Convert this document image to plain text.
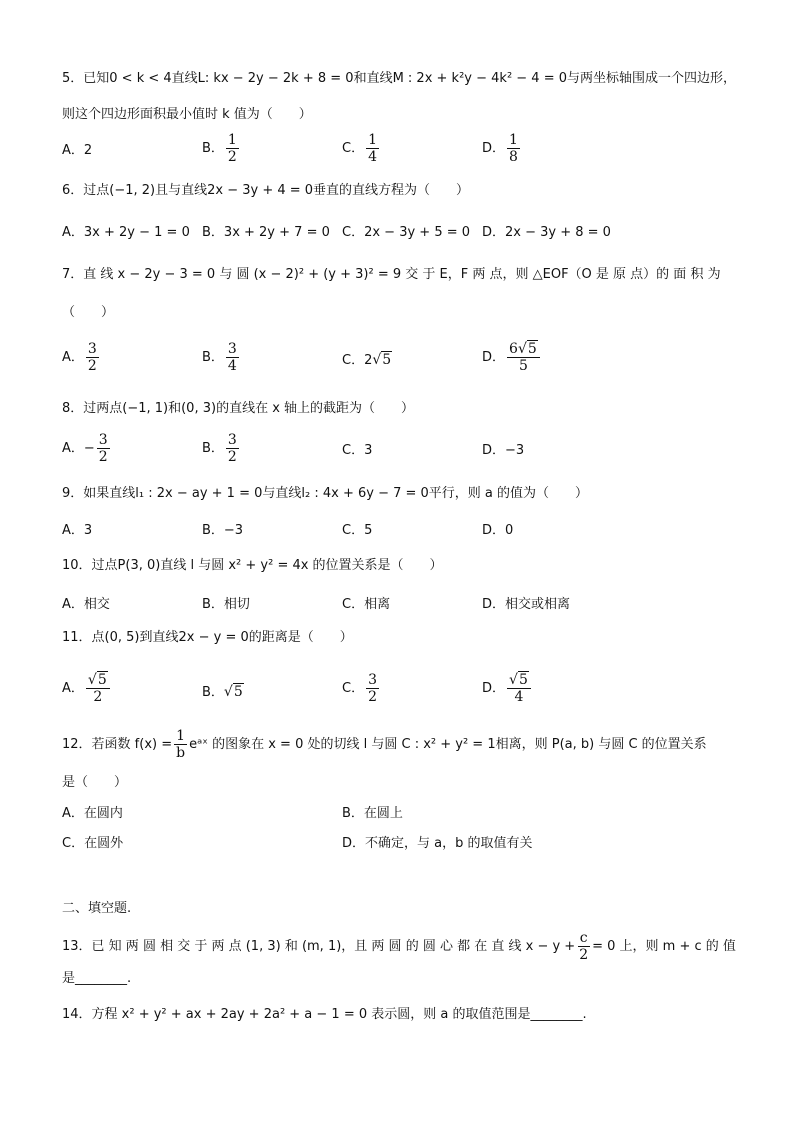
5．已知0 < k < 4直线L: kx − 2y − 2k + 8 = 0和直线M : 2x + k²y − 4k² − 4 = 0与两坐标轴围成一个四边形，
则这个四边形面积最小值时 k 值为（　　）
A．2	B． $\frac{1}{2}$	C． $\frac{1}{4}$	D． $\frac{1}{8}$
6．过点(−1, 2)且与直线2x − 3y + 4 = 0垂直的直线方程为（　　）
A．3x + 2y − 1 = 0 B．3x + 2y + 7 = 0 C．2x − 3y + 5 = 0 D．2x − 3y + 8 = 0
7．直 线 x − 2y − 3 = 0 与 圆 (x − 2)² + (y + 3)² = 9 交 于 E，F 两 点，则 △EOF（O 是 原 点）的 面 积 为
（　　）
A． $\frac{3}{2}$	B． $\frac{3}{4}$	C．2√5	D． $\frac{6√5}{5}$
8．过两点(−1, 1)和(0, 3)的直线在 x 轴上的截距为（　　）
A．− $\frac{3}{2}$	B． $\frac{3}{2}$	C．3	D．−3
9．如果直线l₁ : 2x − ay + 1 = 0与直线l₂ : 4x + 6y − 7 = 0平行，则 a 的值为（　　）
A．3	B．−3	C．5	D．0
10．过点P(3, 0)直线 l 与圆 x² + y² = 4x 的位置关系是（　　）
A．相交	B．相切	C．相离	D．相交或相离
11．点(0, 5)到直线2x − y = 0的距离是（　　）
A． $\frac{√5}{2}$	B．√5	C． $\frac{3}{2}$	D． $\frac{√5}{4}$
12．若函数 $f(x) = \frac{1}{b}$ eᵃˣ 的图象在 x = 0 处的切线 l 与圆 C : x² + y² = 1相离，则 P(a, b) 与圆 C 的位置关系
是（　　）
A．在圆内	B．在圆上
C．在圆外	D．不确定，与 a，b 的取值有关
二、填空题.
13．已 知 两 圆 相 交 于 两 点 (1, 3) 和 (m, 1)，且 两 圆 的 圆 心 都 在 直 线 $x - y + \frac{c}{2} = 0$ 上，则 m + c 的 值
是________.
14．方程 x² + y² + ax + 2ay + 2a² + a − 1 = 0 表示圆，则 a 的取值范围是________.
